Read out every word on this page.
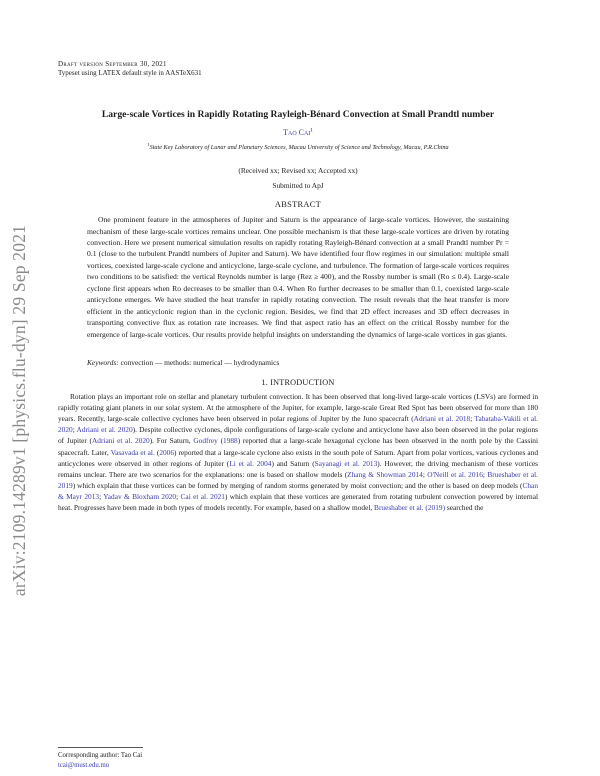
arXiv:2109.14289v1 [physics.flu-dyn] 29 Sep 2021
Draft version September 30, 2021
Typeset using LATEX default style in AASTeX631
Large-scale Vortices in Rapidly Rotating Rayleigh-Bénard Convection at Small Prandtl number
Tao Cai$^1$
$^1$State Key Laboratory of Lunar and Planetary Sciences, Macau University of Science and Technology, Macau, P.R.China
(Received xx; Revised xx; Accepted xx)
Submitted to ApJ
ABSTRACT
One prominent feature in the atmospheres of Jupiter and Saturn is the appearance of large-scale vortices. However, the sustaining mechanism of these large-scale vortices remains unclear. One possible mechanism is that these large-scale vortices are driven by rotating convection. Here we present numerical simulation results on rapidly rotating Rayleigh-Bénard convection at a small Prandtl number Pr = 0.1 (close to the turbulent Prandtl numbers of Jupiter and Saturn). We have identified four flow regimes in our simulation: multiple small vortices, coexisted large-scale cyclone and anticyclone, large-scale cyclone, and turbulence. The formation of large-scale vortices requires two conditions to be satisfied: the vertical Reynolds number is large (Rez ≥ 400), and the Rossby number is small (Ro ≤ 0.4). Large-scale cyclone first appears when Ro decreases to be smaller than 0.4. When Ro further decreases to be smaller than 0.1, coexisted large-scale anticyclone emerges. We have studied the heat transfer in rapidly rotating convection. The result reveals that the heat transfer is more efficient in the anticyclonic region than in the cyclonic region. Besides, we find that 2D effect increases and 3D effect decreases in transporting convective flux as rotation rate increases. We find that aspect ratio has an effect on the critical Rossby number for the emergence of large-scale vortices. Our results provide helpful insights on understanding the dynamics of large-scale vortices in gas giants.
Keywords: convection — methods: numerical — hydrodynamics
1. INTRODUCTION
Rotation plays an important role on stellar and planetary turbulent convection. It has been observed that long-lived large-scale vortices (LSVs) are formed in rapidly rotating giant planets in our solar system. At the atmosphere of the Jupiter, for example, large-scale Great Red Spot has been observed for more than 180 years. Recently, large-scale collective cyclones have been observed in polar regions of Jupiter by the Juno spacecraft (Adriani et al. 2018; Tabataba-Vakili et al. 2020; Adriani et al. 2020). Despite collective cyclones, dipole configurations of large-scale cyclone and anticyclone have also been observed in the polar regions of Jupiter (Adriani et al. 2020). For Saturn, Godfrey (1988) reported that a large-scale hexagonal cyclone has been observed in the north pole by the Cassini spacecraft. Later, Vasavada et al. (2006) reported that a large-scale cyclone also exists in the south pole of Saturn. Apart from polar vortices, various cyclones and anticyclones were observed in other regions of Jupiter (Li et al. 2004) and Saturn (Sayanagi et al. 2013). However, the driving mechanism of these vortices remains unclear. There are two scenarios for the explanations: one is based on shallow models (Zhang & Showman 2014; O'Neill et al. 2016; Brueshaber et al. 2019) which explain that these vortices can be formed by merging of random storms generated by moist convection; and the other is based on deep models (Chan & Mayr 2013; Yadav & Bloxham 2020; Cai et al. 2021) which explain that these vortices are generated from rotating turbulent convection powered by internal heat. Progresses have been made in both types of models recently. For example, based on a shallow model, Brueshaber et al. (2019) searched the
Corresponding author: Tao Cai
tcai@must.edu.mo
